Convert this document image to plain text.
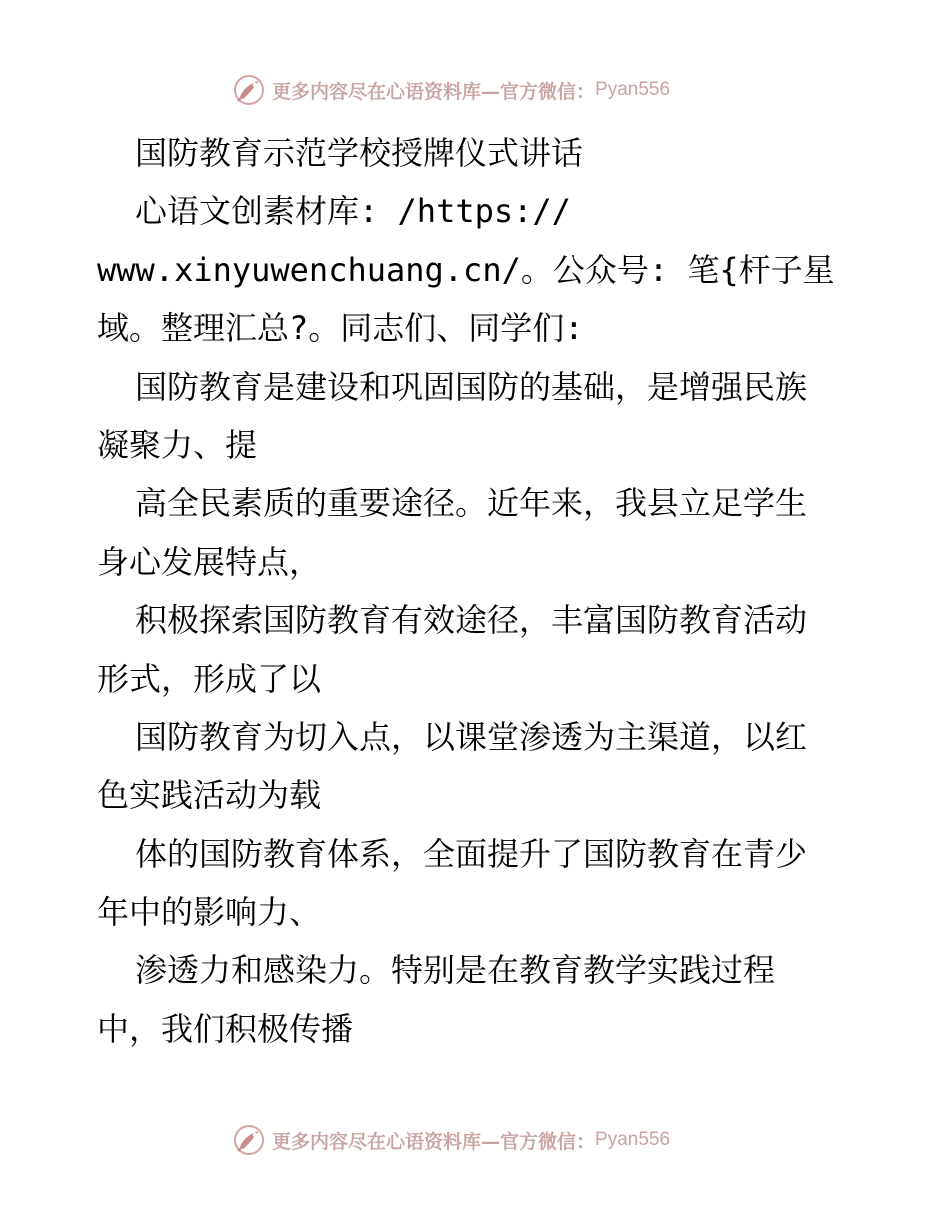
更多内容尽在心语资料库—官方微信： Pyan556
国防教育示范学校授牌仪式讲话
心语文创素材库: /https://
www.xinyuwenchuang.cn/。公众号: 笔{杆子星
域。整理汇总?。同志们、同学们:
国防教育是建设和巩固国防的基础，是增强民族
凝聚力、提
高全民素质的重要途径。近年来，我县立足学生
身心发展特点，
积极探索国防教育有效途径，丰富国防教育活动
形式，形成了以
国防教育为切入点，以课堂渗透为主渠道，以红
色实践活动为载
体的国防教育体系，全面提升了国防教育在青少
年中的影响力、
渗透力和感染力。特别是在教育教学实践过程
中，我们积极传播
更多内容尽在心语资料库—官方微信： Pyan556
